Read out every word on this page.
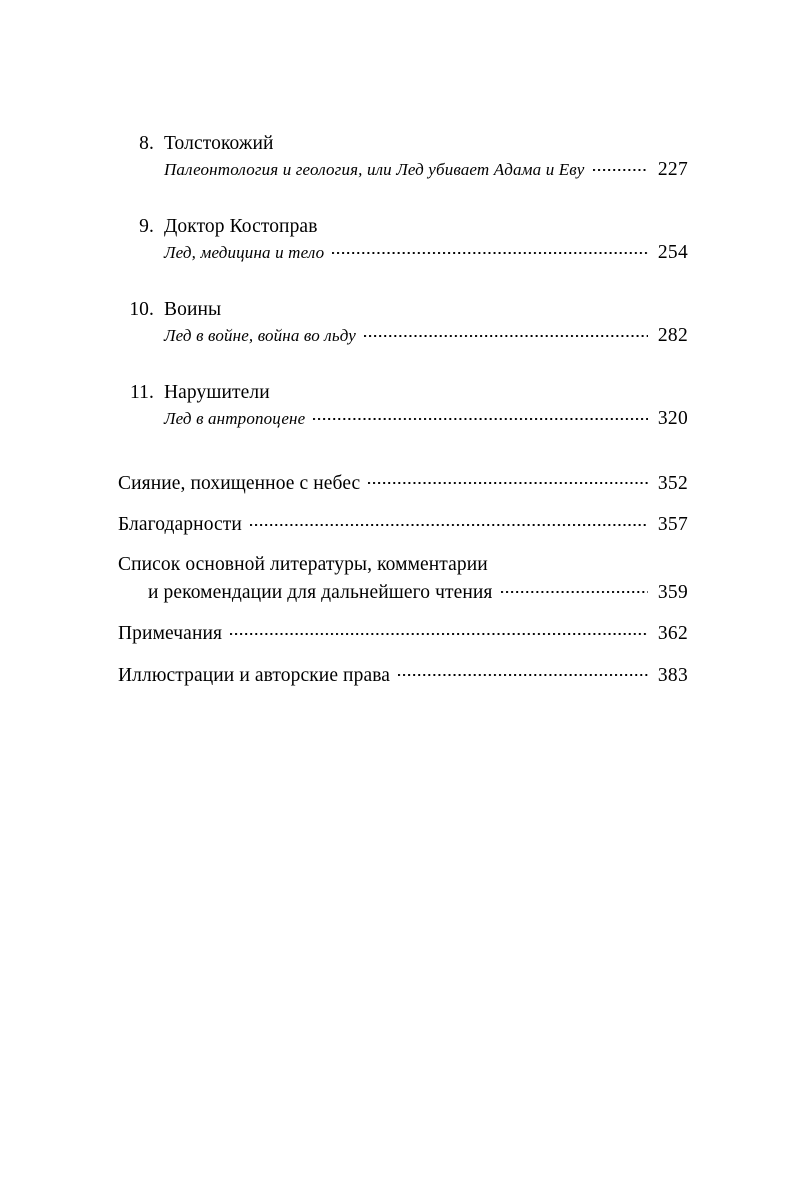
8. Толстокожий
Палеонтология и геология, или Лед убивает Адама и Еву	227
9. Доктор Костоправ
Лед, медицина и тело	254
10. Воины
Лед в войне, война во льду	282
11. Нарушители
Лед в антропоцене	320
Сияние, похищенное с небес	352
Благодарности	357
Список основной литературы, комментарии
и рекомендации для дальнейшего чтения	359
Примечания	362
Иллюстрации и авторские права	383
